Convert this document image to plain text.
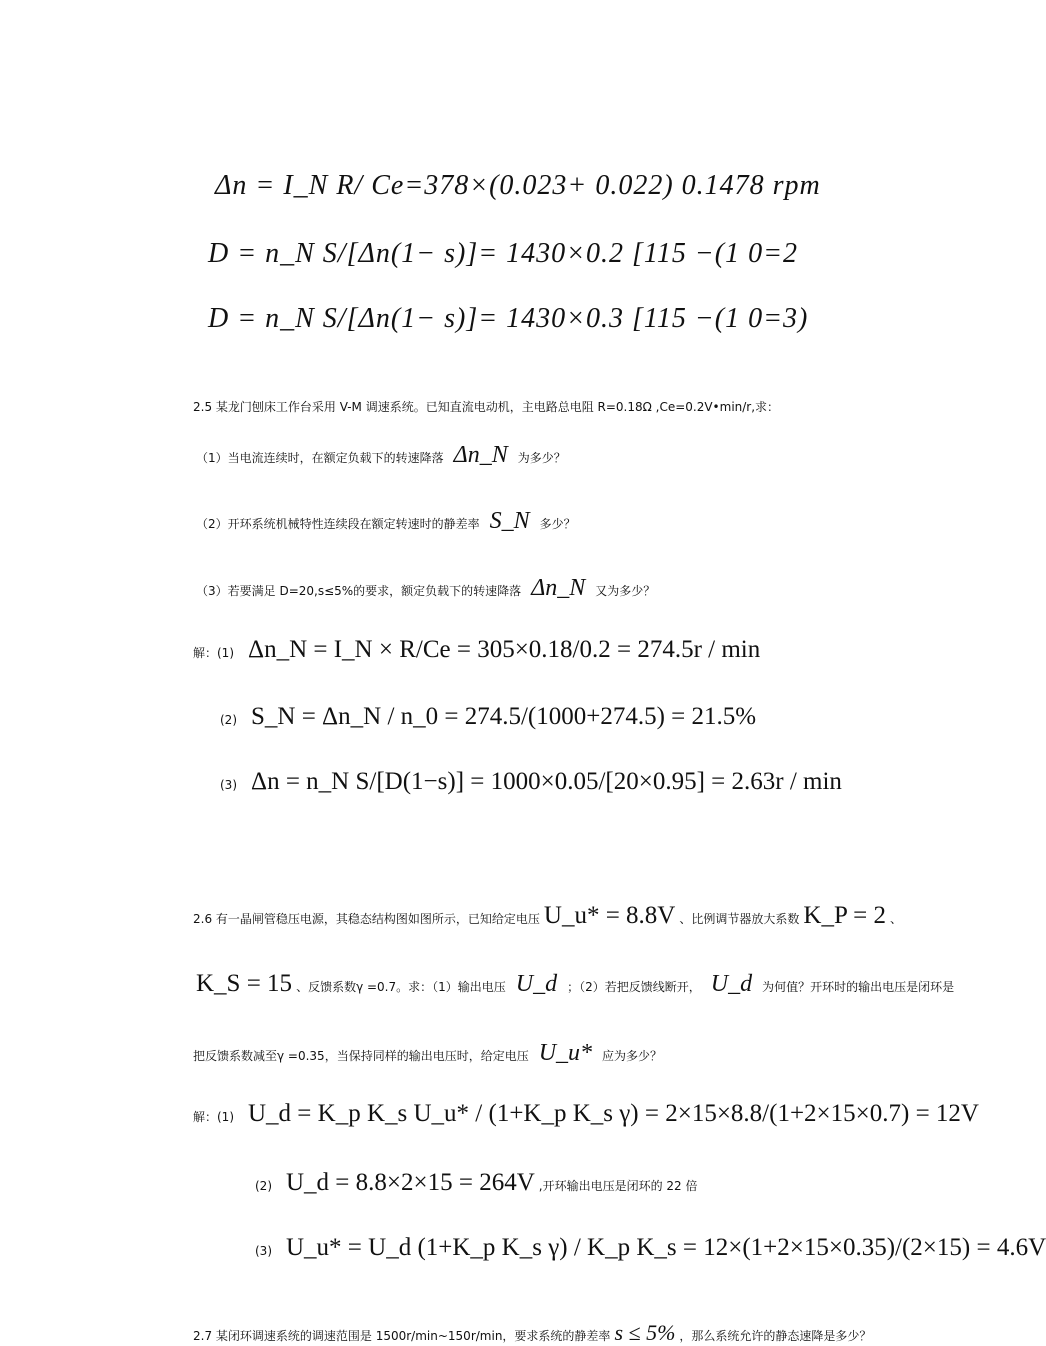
Δn = I_N R/ Ce=378×(0.023+ 0.022) 0.1478 rpm
D = n_N S/[Δn(1− s)]= 1430×0.2 [115 −(1 0=2
D = n_N S/[Δn(1− s)]= 1430×0.3 [115 −(1 0=3)
2.5 某龙门刨床工作台采用 V-M 调速系统。已知直流电动机，主电路总电阻 R=0.18Ω ,Ce=0.2V•min/r,求：
（1）当电流连续时，在额定负载下的转速降落 Δn_N 为多少？
（2）开环系统机械特性连续段在额定转速时的静差率 S_N 多少？
（3）若要满足 D=20,s≤5%的要求，额定负载下的转速降落 Δn_N 又为多少？
解：(1) Δn_N = I_N × R/Ce = 305×0.18/0.2 = 274.5r / min
(2) S_N = Δn_N / n_0 = 274.5/(1000+274.5) = 21.5%
(3) Δn = n_N S/[D(1−s)] = 1000×0.05/[20×0.95] = 2.63r / min
2.6 有一晶闸管稳压电源，其稳态结构图如图所示，已知给定电压 U_u* = 8.8V 、比例调节器放大系数 K_P = 2 、
K_S = 15 、反馈系数γ =0.7。求：（1）输出电压 U_d ；（2）若把反馈线断开， U_d 为何值？开环时的输出电压是闭环是
把反馈系数减至γ =0.35，当保持同样的输出电压时，给定电压 U_u* 应为多少？
解：(1) U_d = K_p K_s U_u* / (1+K_p K_s γ) = 2×15×8.8/(1+2×15×0.7) = 12V
(2) U_d = 8.8×2×15 = 264V ,开环输出电压是闭环的 22 倍
(3) U_u* = U_d (1+K_p K_s γ) / K_p K_s = 12×(1+2×15×0.35)/(2×15) = 4.6V
2.7 某闭环调速系统的调速范围是 1500r/min~150r/min，要求系统的静差率 s ≤ 5% ，那么系统允许的静态速降是多少？
